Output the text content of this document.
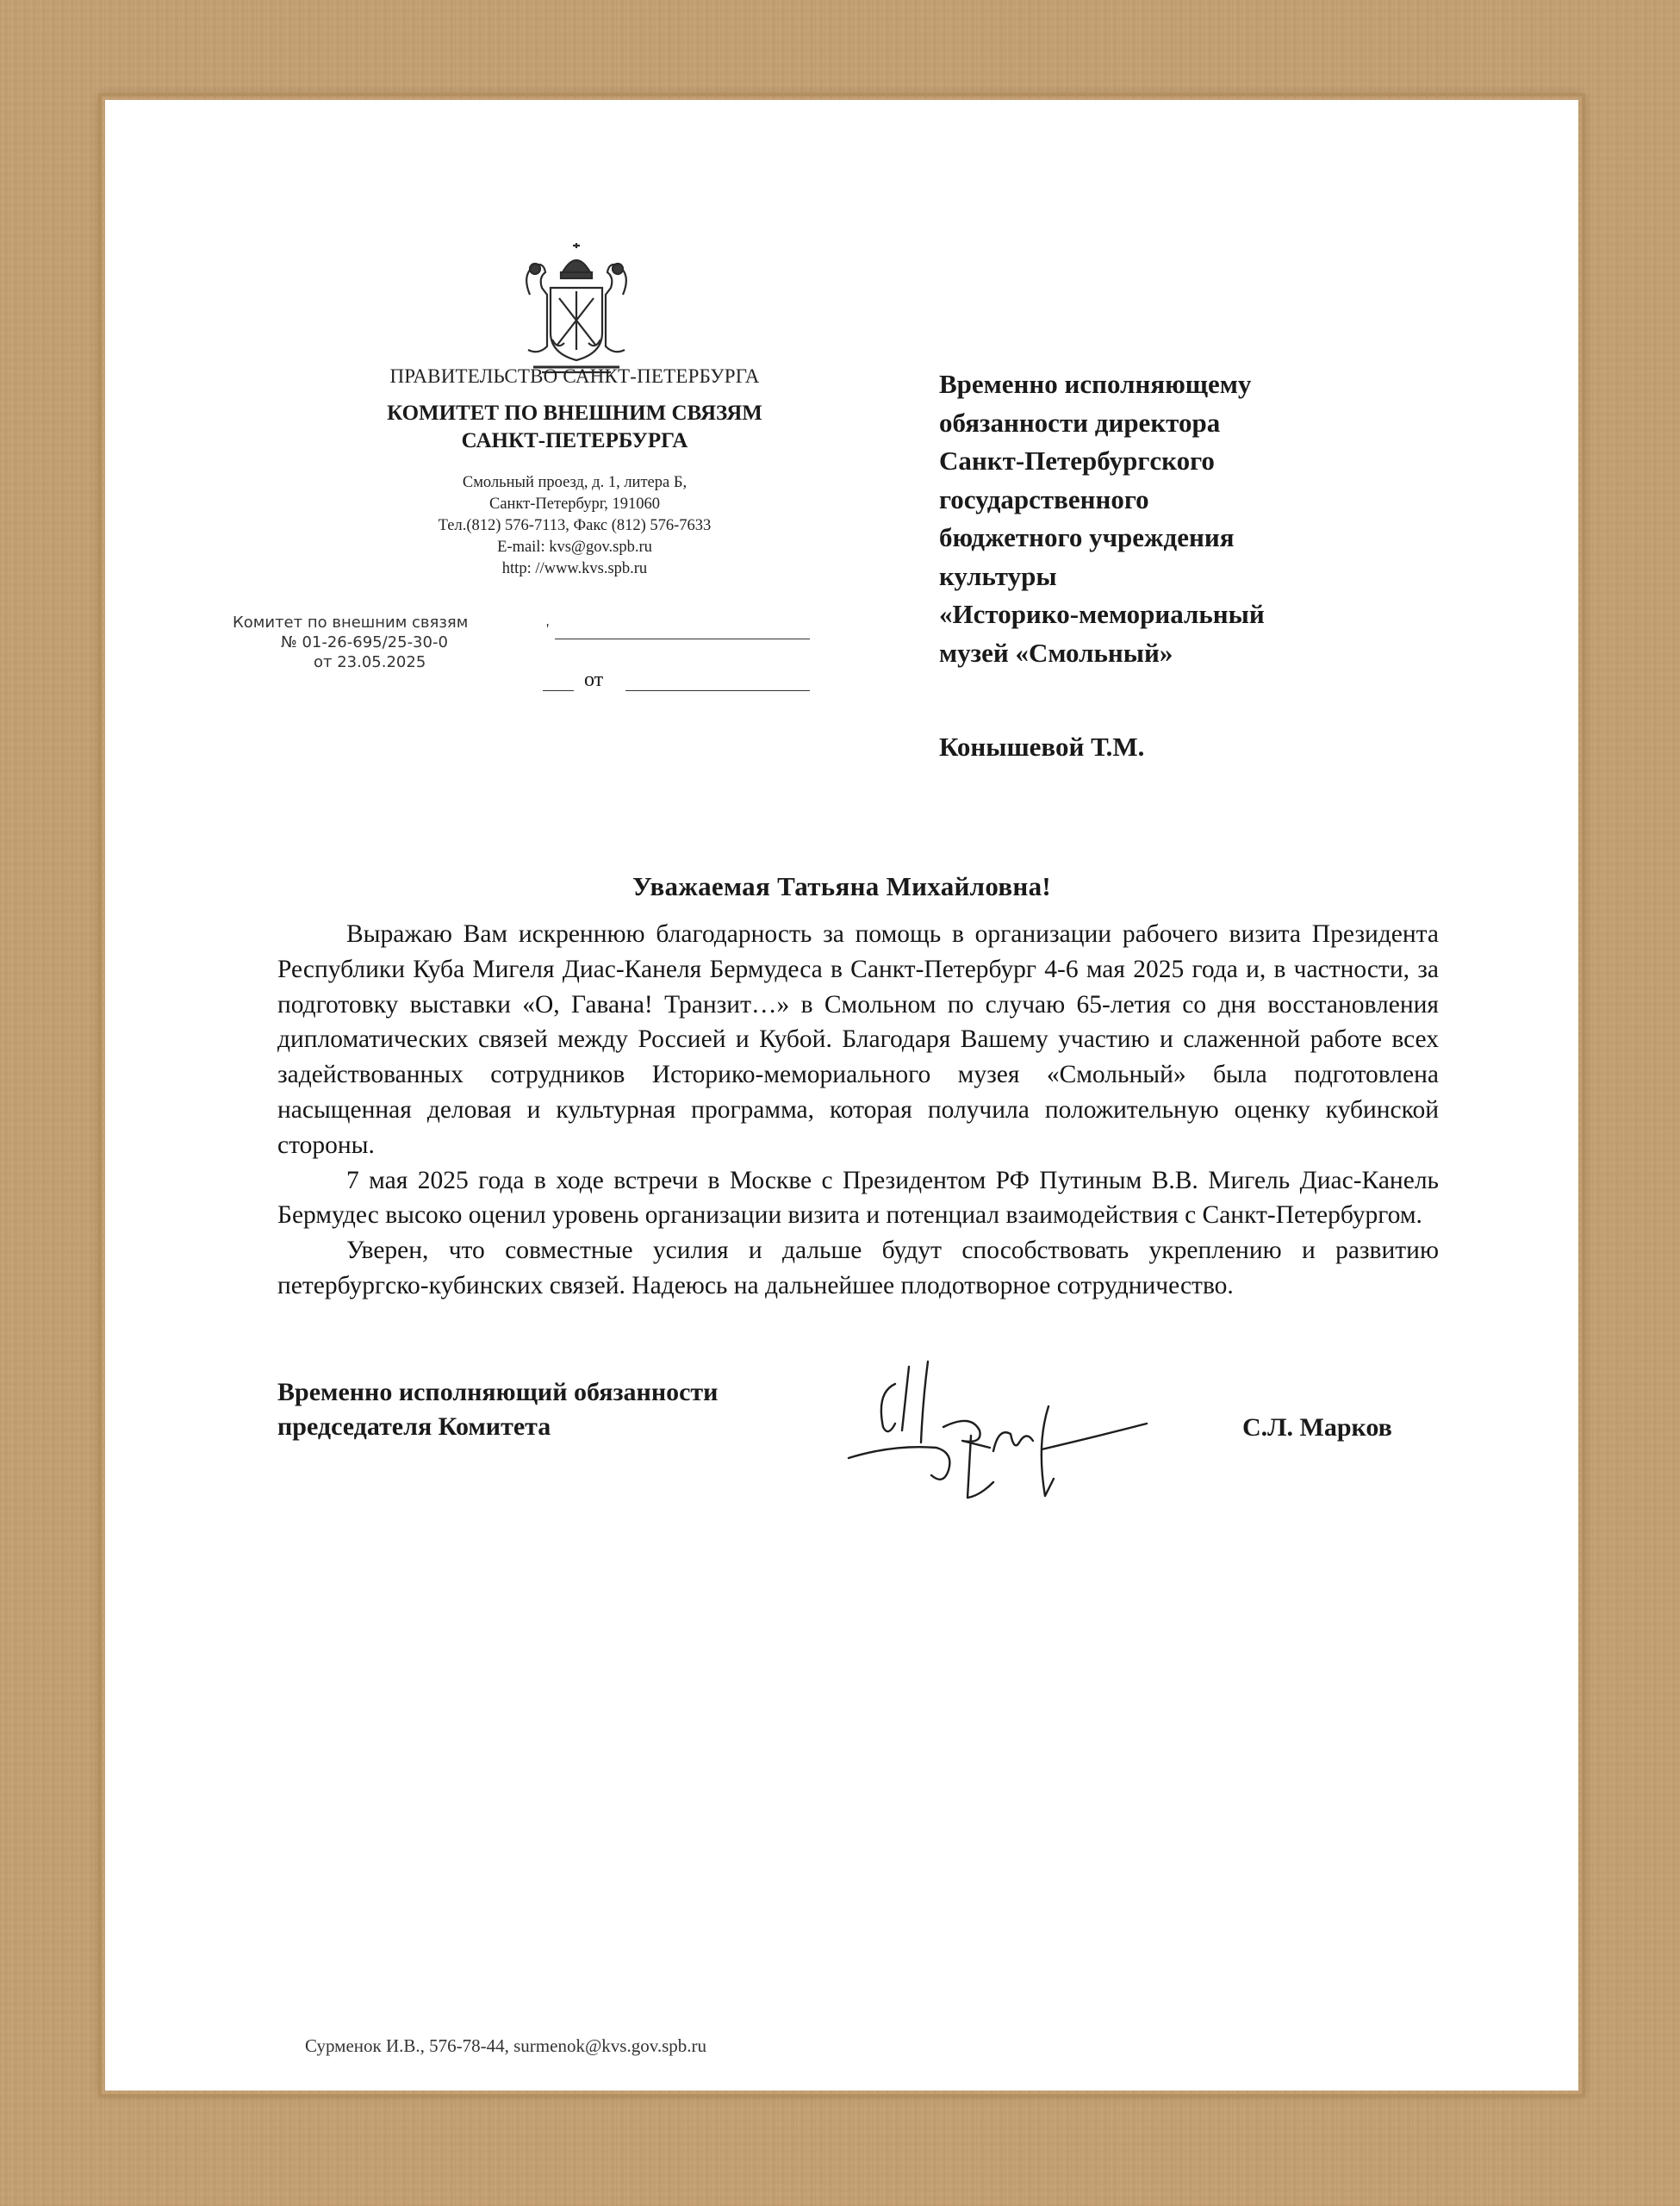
ПРАВИТЕЛЬСТВО САНКТ-ПЕТЕРБУРГА
КОМИТЕТ ПО ВНЕШНИМ СВЯЗЯМ
САНКТ-ПЕТЕРБУРГА
Смольный проезд, д. 1, литера Б,
Санкт-Петербург, 191060
Тел.(812) 576-7113, Факс (812) 576-7633
E-mail: kvs@gov.spb.ru
http: //www.kvs.spb.ru
Комитет по внешним связям
№ 01-26-695/25-30-0
от 23.05.2025
'
от
Временно исполняющему
обязанности директора
Санкт-Петербургского
государственного
бюджетного учреждения
культуры
«Историко-мемориальный
музей «Смольный»
Конышевой Т.М.
Уважаемая Татьяна Михайловна!

Выражаю Вам искреннюю благодарность за помощь в организации рабочего визита Президента Республики Куба Мигеля Диас-Канеля Бермудеса в Санкт-Петербург 4-6 мая 2025 года и, в частности, за подготовку выставки «О, Гавана! Транзит…» в Смольном по случаю 65-летия со дня восстановления дипломатических связей между Россией и Кубой. Благодаря Вашему участию и слаженной работе всех задействованных сотрудников Историко-мемориального музея «Смольный» была подготовлена насыщенная деловая и культурная программа, которая получила положительную оценку кубинской стороны.

7 мая 2025 года в ходе встречи в Москве с Президентом РФ Путиным В.В. Мигель Диас-Канель Бермудес высоко оценил уровень организации визита и потенциал взаимодействия с Санкт-Петербургом.

Уверен, что совместные усилия и дальше будут способствовать укреплению и развитию петербургско-кубинских связей. Надеюсь на дальнейшее плодотворное сотрудничество.

Временно исполняющий обязанности
председателя Комитета	С.Л. Марков
Сурменок И.В., 576-78-44, surmenok@kvs.gov.spb.ru
